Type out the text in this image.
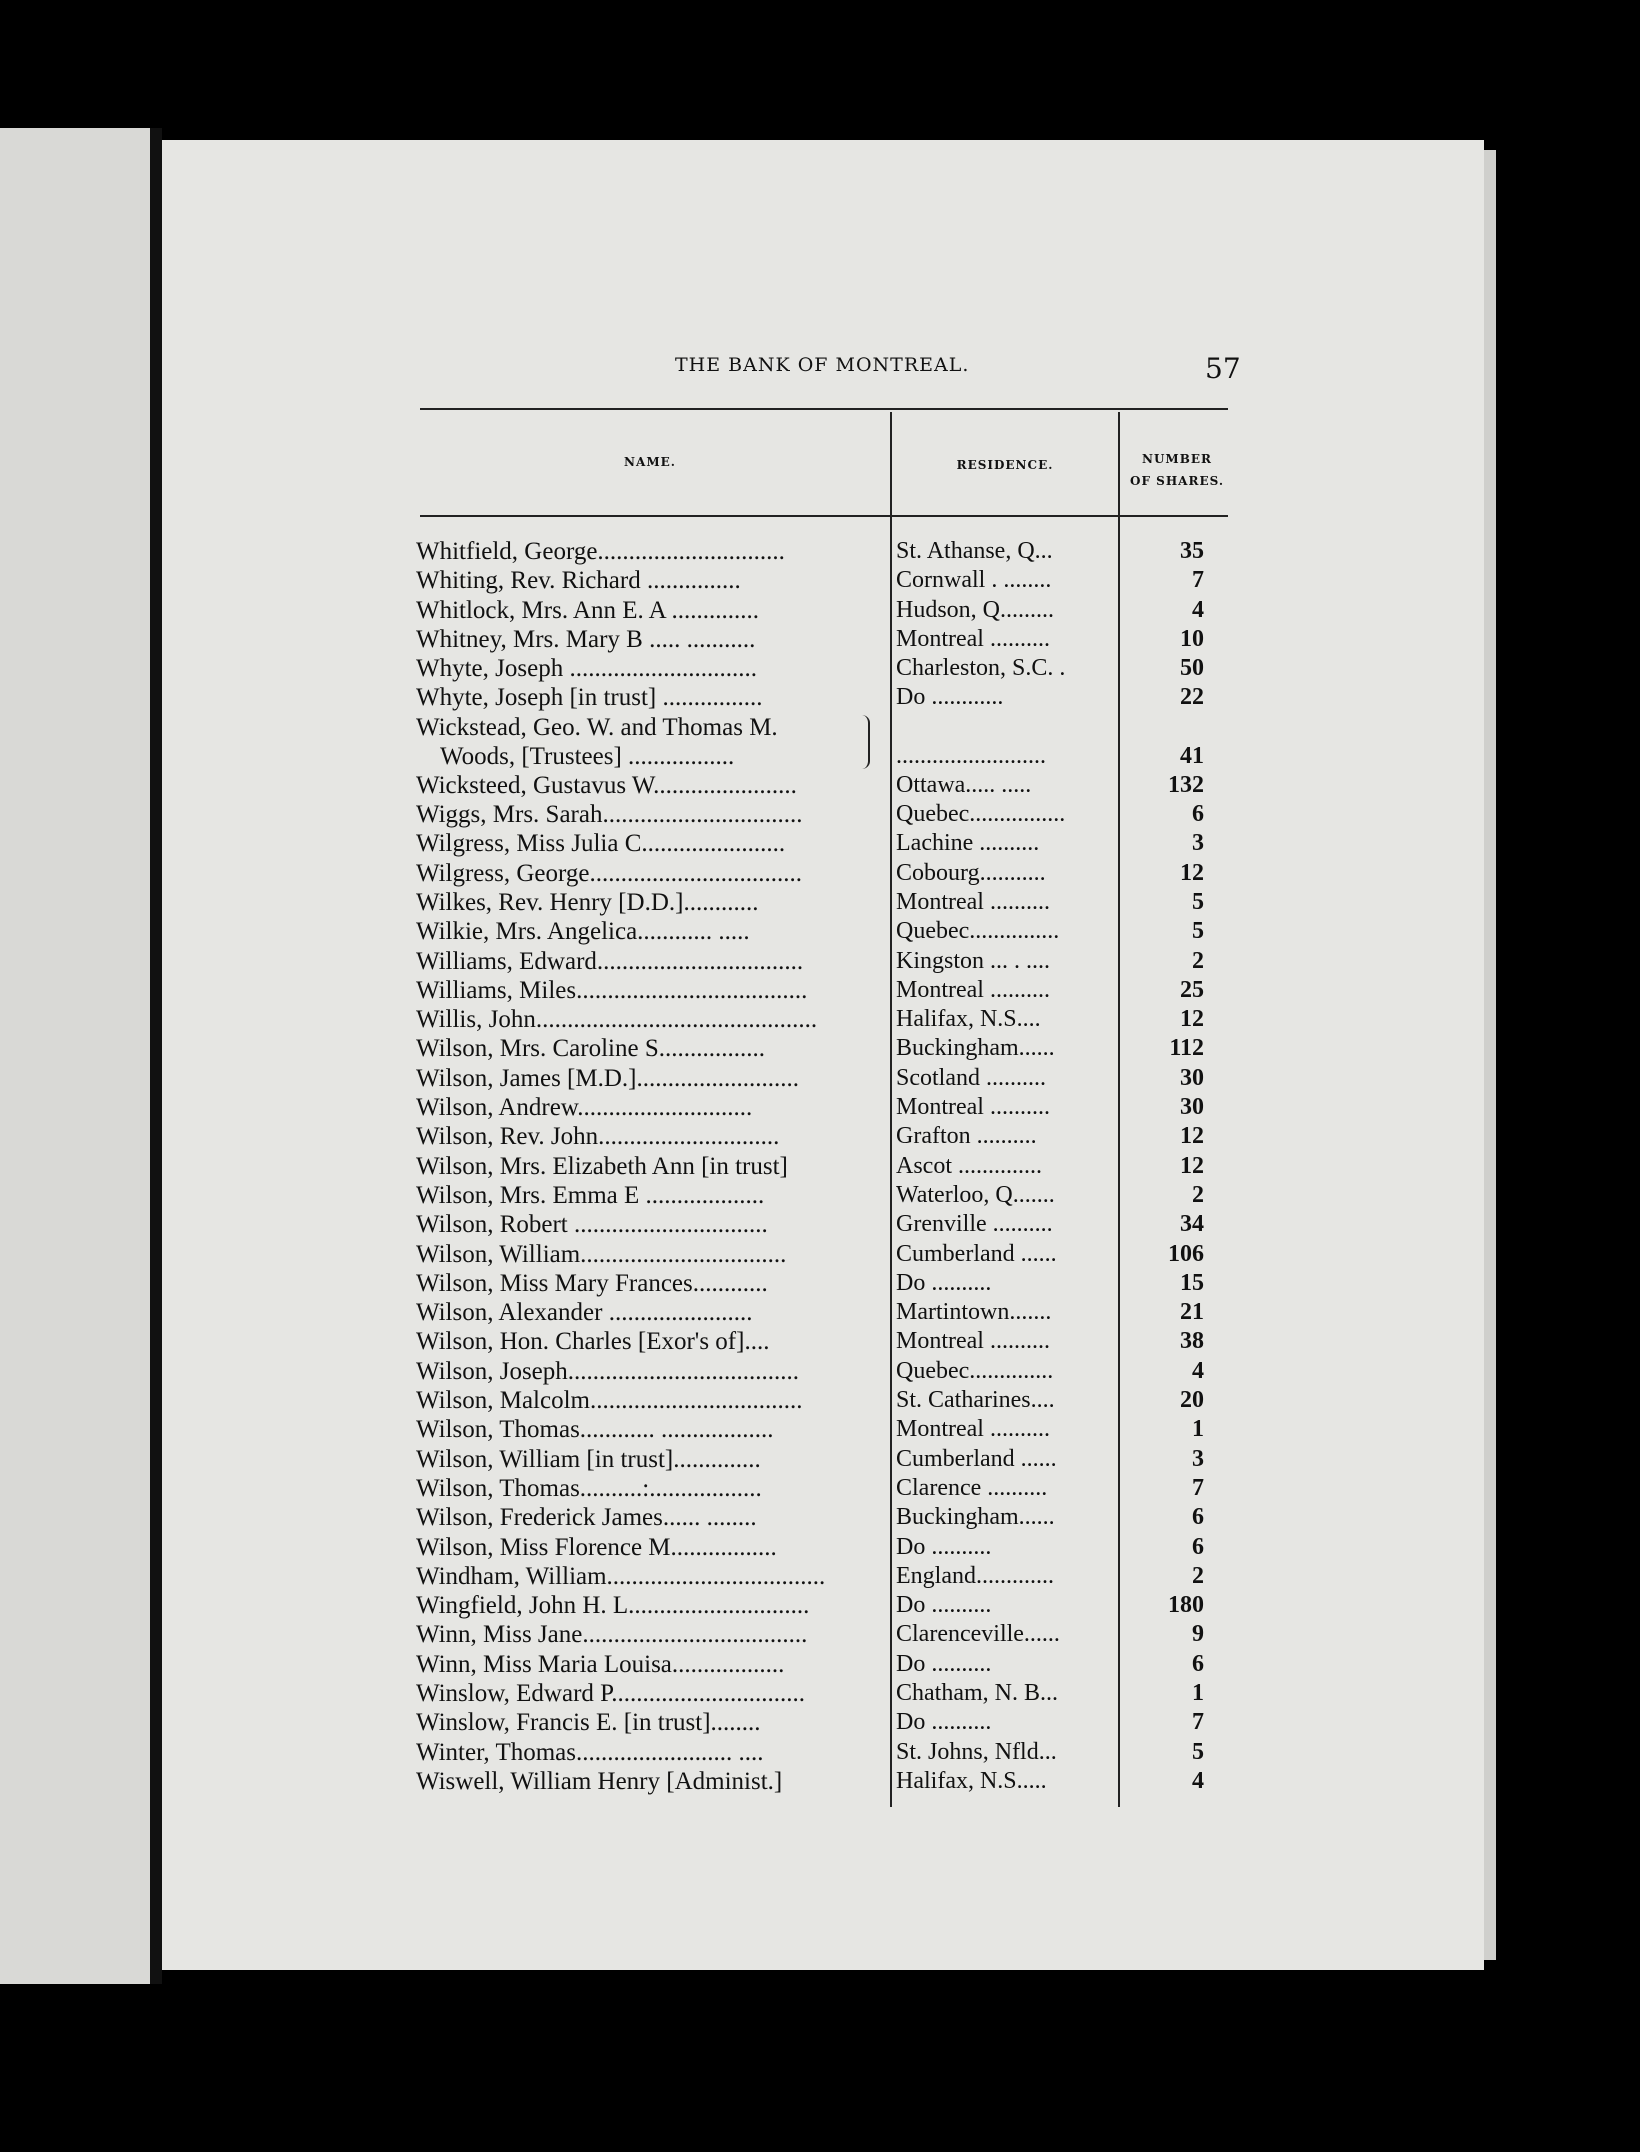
THE BANK OF MONTREAL.	57
NAME.	RESIDENCE.	NUMBER
OF SHARES.
Whitfield, George..............................	St. Athanse, Q...	35
Whiting, Rev. Richard ...............	Cornwall . ........	7
Whitlock, Mrs. Ann E. A ..............	Hudson, Q.........	4
Whitney, Mrs. Mary B ..... ...........	Montreal ..........	10
Whyte, Joseph ..............................	Charleston, S.C. .	50
Whyte, Joseph [in trust] ................	Do ............	22
Wickstead, Geo. W. and Thomas M.
Woods, [Trustees] .................	.........................	41
Wicksteed, Gustavus W.......................	Ottawa..... .....	132
Wiggs, Mrs. Sarah................................	Quebec................	6
Wilgress, Miss Julia C.......................	Lachine ..........	3
Wilgress, George..................................	Cobourg...........	12
Wilkes, Rev. Henry [D.D.]............	Montreal ..........	5
Wilkie, Mrs. Angelica............ .....	Quebec...............	5
Williams, Edward.................................	Kingston ... . ....	2
Williams, Miles.....................................	Montreal ..........	25
Willis, John.............................................	Halifax, N.S....	12
Wilson, Mrs. Caroline S.................	Buckingham......	112
Wilson, James [M.D.]..........................	Scotland ..........	30
Wilson, Andrew............................	Montreal ..........	30
Wilson, Rev. John.............................	Grafton ..........	12
Wilson, Mrs. Elizabeth Ann [in trust]	Ascot ..............	12
Wilson, Mrs. Emma E ...................	Waterloo, Q.......	2
Wilson, Robert ...............................	Grenville ..........	34
Wilson, William.................................	Cumberland ......	106
Wilson, Miss Mary Frances............	Do ..........	15
Wilson, Alexander .......................	Martintown.......	21
Wilson, Hon. Charles [Exor's of]....	Montreal ..........	38
Wilson, Joseph.....................................	Quebec..............	4
Wilson, Malcolm..................................	St. Catharines....	20
Wilson, Thomas............ ..................	Montreal ..........	1
Wilson, William [in trust]..............	Cumberland ......	3
Wilson, Thomas..........:..................	Clarence ..........	7
Wilson, Frederick James...... ........	Buckingham......	6
Wilson, Miss Florence M.................	Do ..........	6
Windham, William...................................	England.............	2
Wingfield, John H. L.............................	Do ..........	180
Winn, Miss Jane....................................	Clarenceville......	9
Winn, Miss Maria Louisa..................	Do ..........	6
Winslow, Edward P...............................	Chatham, N. B...	1
Winslow, Francis E. [in trust]........	Do ..........	7
Winter, Thomas......................... ....	St. Johns, Nfld...	5
Wiswell, William Henry [Administ.]	Halifax, N.S.....	4
